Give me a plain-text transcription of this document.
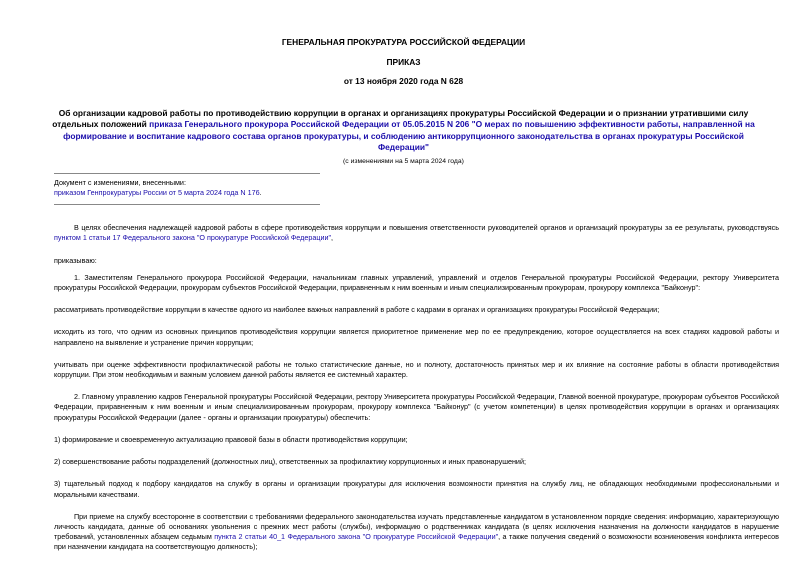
ГЕНЕРАЛЬНАЯ ПРОКУРАТУРА РОССИЙСКОЙ ФЕДЕРАЦИИ
ПРИКАЗ
от 13 ноября 2020 года N 628
Об организации кадровой работы по противодействию коррупции в органах и организациях прокуратуры Российской Федерации и о признании утратившими силу отдельных положений приказа Генерального прокурора Российской Федерации от 05.05.2015 N 206 "О мерах по повышению эффективности работы, направленной на формирование и воспитание кадрового состава органов прокуратуры, и соблюдению антикоррупционного законодательства в органах прокуратуры Российской Федерации"
(с изменениями на 5 марта 2024 года)
Документ с изменениями, внесенными:
приказом Генпрокуратуры России от 5 марта 2024 года N 176.

В целях обеспечения надлежащей кадровой работы в сфере противодействия коррупции и повышения ответственности руководителей органов и организаций прокуратуры за ее результаты, руководствуясь пунктом 1 статьи 17 Федерального закона "О прокуратуре Российской Федерации",

приказываю:

1. Заместителям Генерального прокурора Российской Федерации, начальникам главных управлений, управлений и отделов Генеральной прокуратуры Российской Федерации, ректору Университета прокуратуры Российской Федерации, прокурорам субъектов Российской Федерации, приравненным к ним военным и иным специализированным прокурорам, прокурору комплекса "Байконур":

рассматривать противодействие коррупции в качестве одного из наиболее важных направлений в работе с кадрами в органах и организациях прокуратуры Российской Федерации;

исходить из того, что одним из основных принципов противодействия коррупции является приоритетное применение мер по ее предупреждению, которое осуществляется на всех стадиях кадровой работы и направлено на выявление и устранение причин коррупции;

учитывать при оценке эффективности профилактической работы не только статистические данные, но и полноту, достаточность принятых мер и их влияние на состояние работы в области противодействия коррупции. При этом необходимым и важным условием данной работы является ее системный характер.

2. Главному управлению кадров Генеральной прокуратуры Российской Федерации, ректору Университета прокуратуры Российской Федерации, Главной военной прокуратуре, прокурорам субъектов Российской Федерации, приравненным к ним военным и иным специализированным прокурорам, прокурору комплекса "Байконур" (с учетом компетенции) в целях противодействия коррупции в органах и организациях прокуратуры Российской Федерации (далее - органы и организации прокуратуры) обеспечить:

1) формирование и своевременную актуализацию правовой базы в области противодействия коррупции;

2) совершенствование работы подразделений (должностных лиц), ответственных за профилактику коррупционных и иных правонарушений;

3) тщательный подход к подбору кандидатов на службу в органы и организации прокуратуры для исключения возможности принятия на службу лиц, не обладающих необходимыми профессиональными и моральными качествами.

При приеме на службу всесторонне в соответствии с требованиями федерального законодательства изучать представленные кандидатом в установленном порядке сведения: информацию, характеризующую личность кандидата, данные об основаниях увольнения с прежних мест работы (службы), информацию о родственниках кандидата (в целях исключения назначения на должности кандидатов в нарушение требований, установленных абзацем седьмым пункта 2 статьи 40_1 Федерального закона "О прокуратуре Российской Федерации", а также получения сведений о возможности возникновения конфликта интересов при назначении кандидата на соответствующую должность);
